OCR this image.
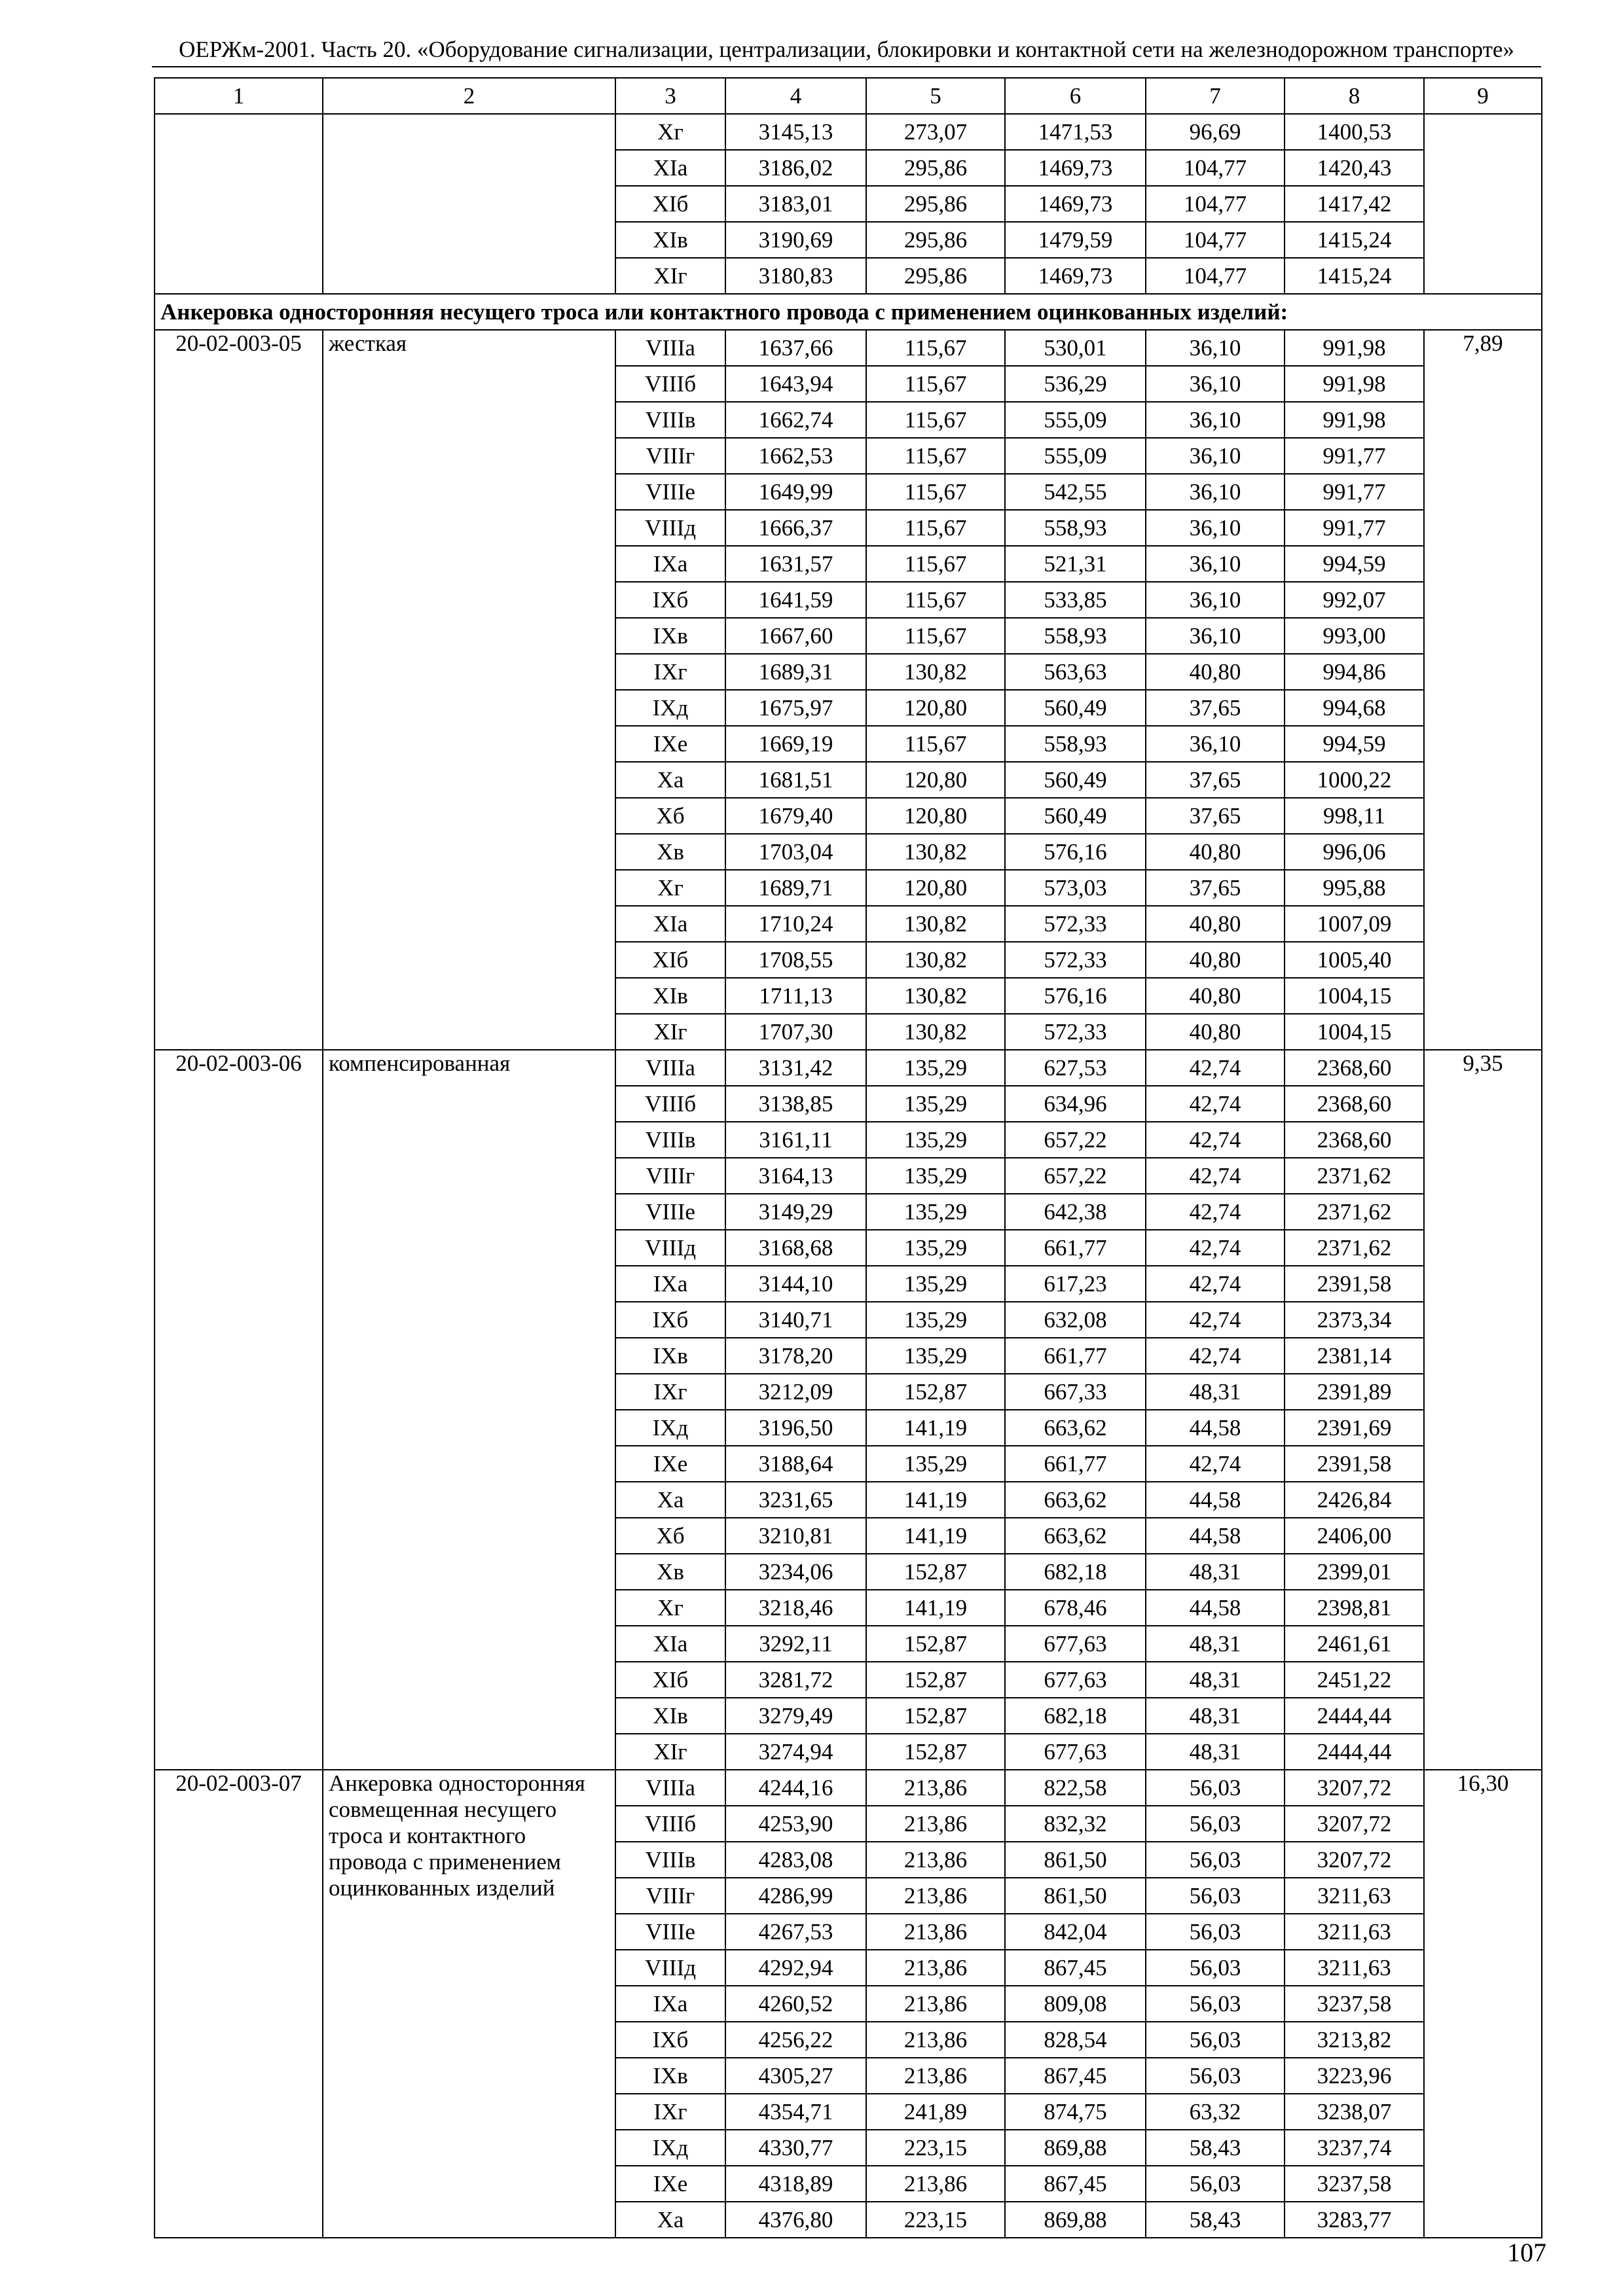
ОЕРЖм-2001. Часть 20. «Оборудование сигнализации, централизации, блокировки и контактной сети на железнодорожном транспорте»
1	2	3	4	5	6	7	8	9
		Xг	3145,13	273,07	1471,53	96,69	1400,53	
		XIa	3186,02	295,86	1469,73	104,77	1420,43	
		XIб	3183,01	295,86	1469,73	104,77	1417,42	
		XIв	3190,69	295,86	1479,59	104,77	1415,24	
		XIг	3180,83	295,86	1469,73	104,77	1415,24	
Анкеровка односторонняя несущего троса или контактного провода с применением оцинкованных изделий:								
20-02-003-05	жесткая	VIIIa	1637,66	115,67	530,01	36,10	991,98	7,89
		VIIIб	1643,94	115,67	536,29	36,10	991,98	
		VIIIв	1662,74	115,67	555,09	36,10	991,98	
		VIIIг	1662,53	115,67	555,09	36,10	991,77	
		VIIIe	1649,99	115,67	542,55	36,10	991,77	
		VIIIд	1666,37	115,67	558,93	36,10	991,77	
		IXa	1631,57	115,67	521,31	36,10	994,59	
		IXб	1641,59	115,67	533,85	36,10	992,07	
		IXв	1667,60	115,67	558,93	36,10	993,00	
		IXг	1689,31	130,82	563,63	40,80	994,86	
		IXд	1675,97	120,80	560,49	37,65	994,68	
		IXe	1669,19	115,67	558,93	36,10	994,59	
		Xa	1681,51	120,80	560,49	37,65	1000,22	
		Xб	1679,40	120,80	560,49	37,65	998,11	
		Xв	1703,04	130,82	576,16	40,80	996,06	
		Xг	1689,71	120,80	573,03	37,65	995,88	
		XIa	1710,24	130,82	572,33	40,80	1007,09	
		XIб	1708,55	130,82	572,33	40,80	1005,40	
		XIв	1711,13	130,82	576,16	40,80	1004,15	
		XIг	1707,30	130,82	572,33	40,80	1004,15	
20-02-003-06	компенсированная	VIIIa	3131,42	135,29	627,53	42,74	2368,60	9,35
		VIIIб	3138,85	135,29	634,96	42,74	2368,60	
		VIIIв	3161,11	135,29	657,22	42,74	2368,60	
		VIIIг	3164,13	135,29	657,22	42,74	2371,62	
		VIIIe	3149,29	135,29	642,38	42,74	2371,62	
		VIIIд	3168,68	135,29	661,77	42,74	2371,62	
		IXa	3144,10	135,29	617,23	42,74	2391,58	
		IXб	3140,71	135,29	632,08	42,74	2373,34	
		IXв	3178,20	135,29	661,77	42,74	2381,14	
		IXг	3212,09	152,87	667,33	48,31	2391,89	
		IXд	3196,50	141,19	663,62	44,58	2391,69	
		IXe	3188,64	135,29	661,77	42,74	2391,58	
		Xa	3231,65	141,19	663,62	44,58	2426,84	
		Xб	3210,81	141,19	663,62	44,58	2406,00	
		Xв	3234,06	152,87	682,18	48,31	2399,01	
		Xг	3218,46	141,19	678,46	44,58	2398,81	
		XIa	3292,11	152,87	677,63	48,31	2461,61	
		XIб	3281,72	152,87	677,63	48,31	2451,22	
		XIв	3279,49	152,87	682,18	48,31	2444,44	
		XIг	3274,94	152,87	677,63	48,31	2444,44	
20-02-003-07	Анкеровка односторонняя совмещенная несущего троса и контактного провода с применением оцинкованных изделий	VIIIa	4244,16	213,86	822,58	56,03	3207,72	16,30
		VIIIб	4253,90	213,86	832,32	56,03	3207,72	
		VIIIв	4283,08	213,86	861,50	56,03	3207,72	
		VIIIг	4286,99	213,86	861,50	56,03	3211,63	
		VIIIe	4267,53	213,86	842,04	56,03	3211,63	
		VIIIд	4292,94	213,86	867,45	56,03	3211,63	
		IXa	4260,52	213,86	809,08	56,03	3237,58	
		IXб	4256,22	213,86	828,54	56,03	3213,82	
		IXв	4305,27	213,86	867,45	56,03	3223,96	
		IXг	4354,71	241,89	874,75	63,32	3238,07	
		IXд	4330,77	223,15	869,88	58,43	3237,74	
		IXe	4318,89	213,86	867,45	56,03	3237,58	
		Xa	4376,80	223,15	869,88	58,43	3283,77	
107
